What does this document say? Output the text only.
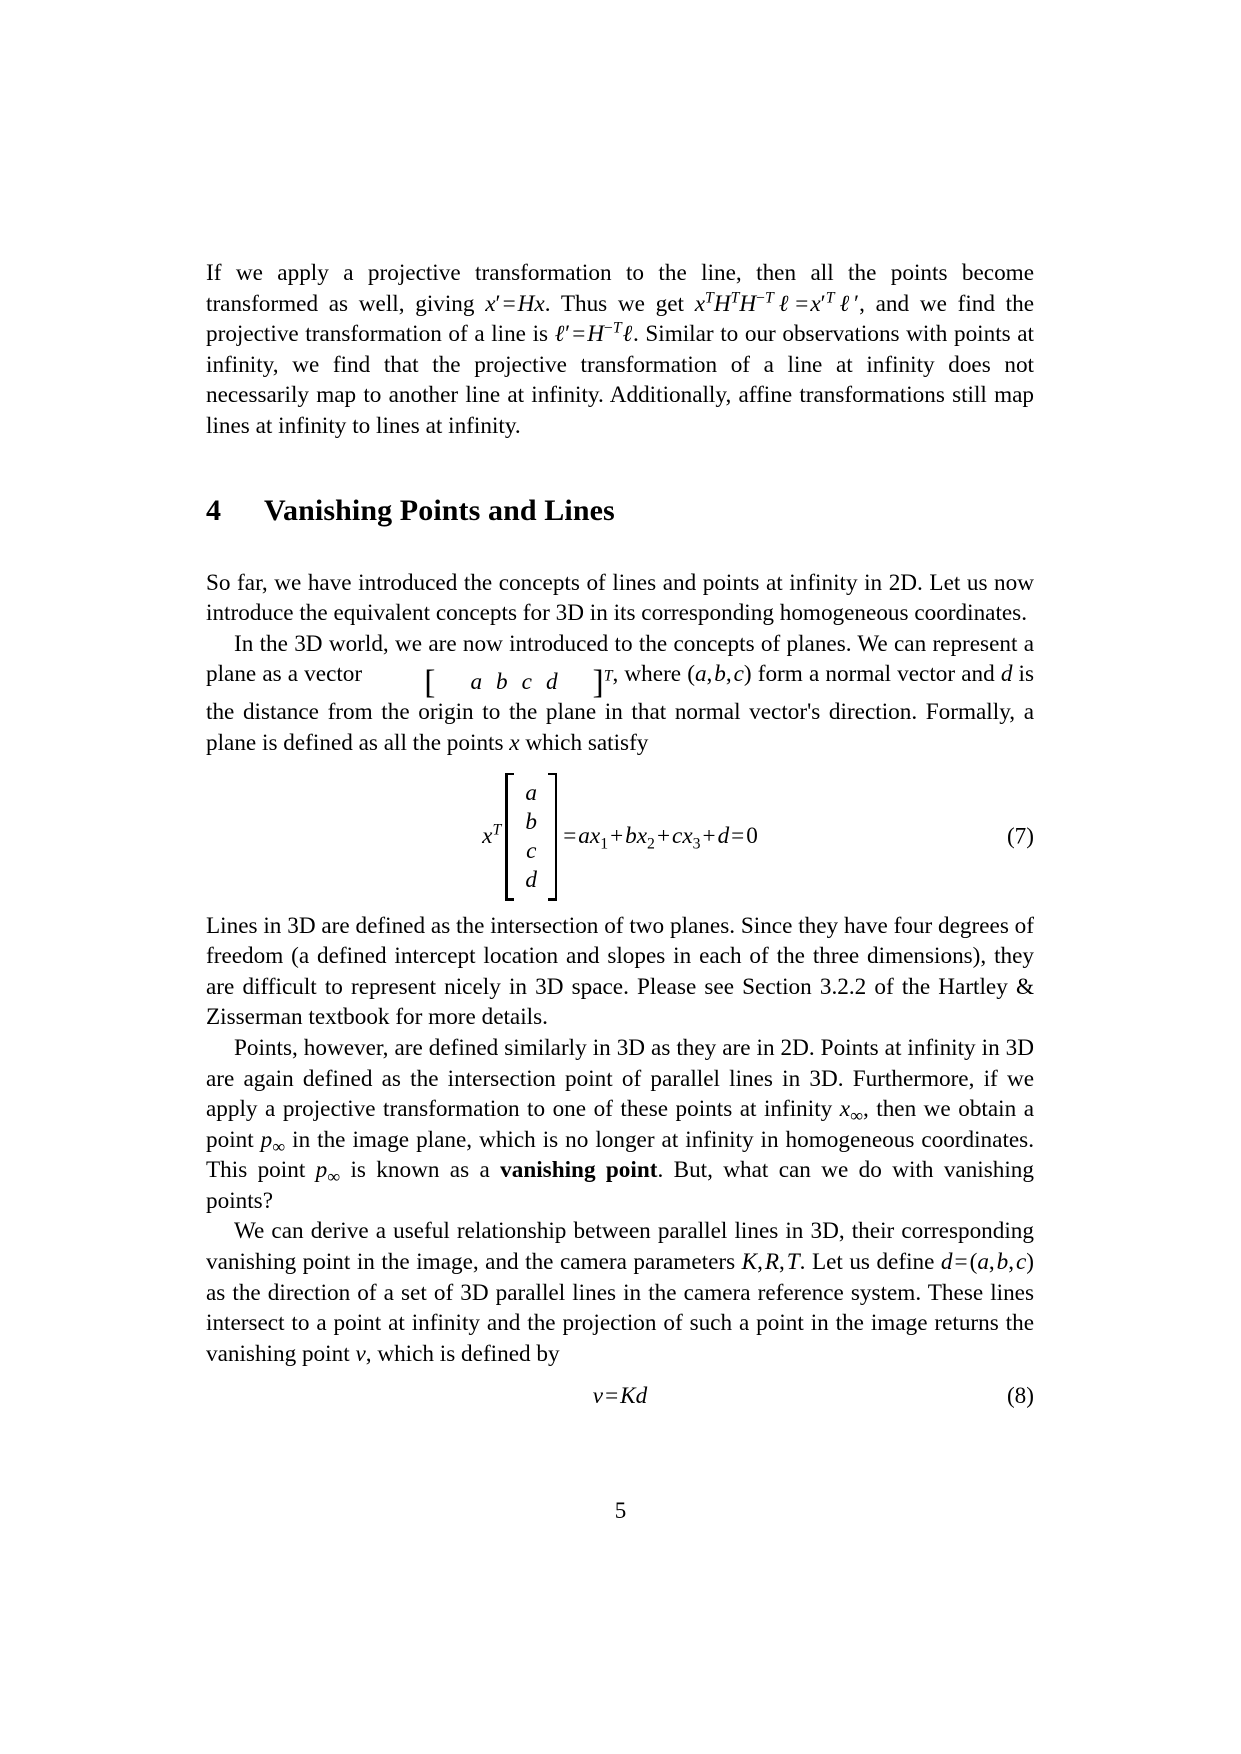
If we apply a projective transformation to the line, then all the points become transformed as well, giving x′=Hx. Thus we get $x^TH^TH^{-T}\ell=x'^T\ell'$, and we find the projective transformation of a line is $\ell'=H^{-T}\ell$. Similar to our observations with points at infinity, we find that the projective transformation of a line at infinity does not necessarily map to another line at infinity. Additionally, affine transformations still map lines at infinity to lines at infinity.

4 Vanishing Points and Lines

So far, we have introduced the concepts of lines and points at infinity in 2D. Let us now introduce the equivalent concepts for 3D in its corresponding homogeneous coordinates.

In the 3D world, we are now introduced to the concepts of planes. We can represent a plane as a vector [ a b c d ]$^T$, where (a, b, c) form a normal vector and d is the distance from the origin to the plane in that normal vector's direction. Formally, a plane is defined as all the points x which satisfy

$x^T$
a
b
c
d
$=ax_1+bx_2+cx_3+d=0$	(7)

Lines in 3D are defined as the intersection of two planes. Since they have four degrees of freedom (a defined intercept location and slopes in each of the three dimensions), they are difficult to represent nicely in 3D space. Please see Section 3.2.2 of the Hartley & Zisserman textbook for more details.

Points, however, are defined similarly in 3D as they are in 2D. Points at infinity in 3D are again defined as the intersection point of parallel lines in 3D. Furthermore, if we apply a projective transformation to one of these points at infinity $x_\infty$, then we obtain a point $p_\infty$ in the image plane, which is no longer at infinity in homogeneous coordinates. This point $p_\infty$ is known as a vanishing point. But, what can we do with vanishing points?

We can derive a useful relationship between parallel lines in 3D, their corresponding vanishing point in the image, and the camera parameters K, R, T. Let us define d=(a, b, c) as the direction of a set of 3D parallel lines in the camera reference system. These lines intersect to a point at infinity and the projection of such a point in the image returns the vanishing point v, which is defined by

v=Kd	(8)
5
